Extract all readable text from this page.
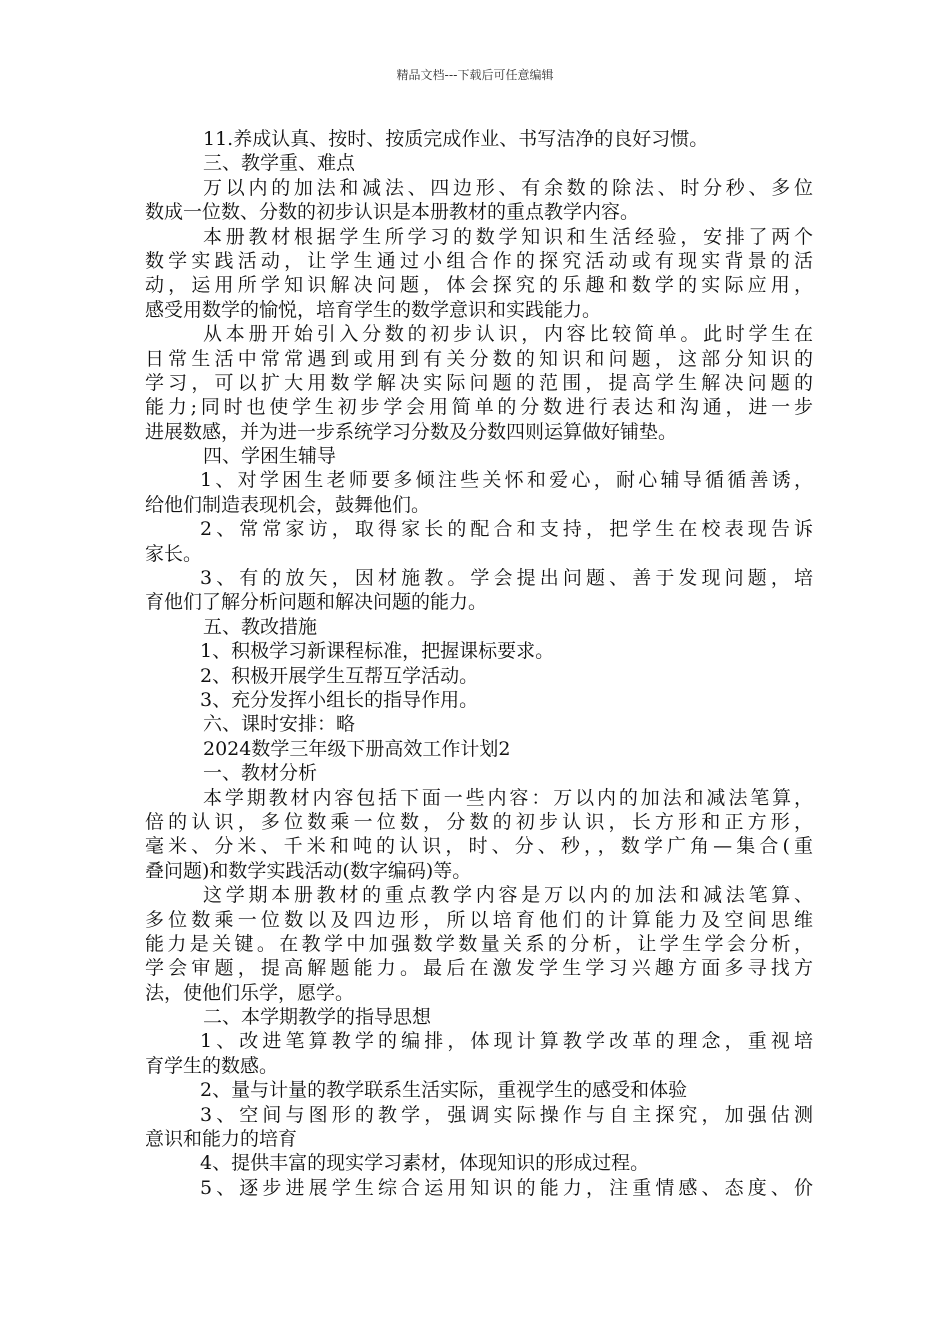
精品文档---下载后可任意编辑
11.养成认真、按时、按质完成作业、书写洁净的良好习惯。
三、教学重、难点
万以内的加法和减法、四边形、有余数的除法、时分秒、多位
数成一位数、分数的初步认识是本册教材的重点教学内容。
本册教材根据学生所学习的数学知识和生活经验，安排了两个
数学实践活动，让学生通过小组合作的探究活动或有现实背景的活
动，运用所学知识解决问题，体会探究的乐趣和数学的实际应用，
感受用数学的愉悦，培育学生的数学意识和实践能力。
从本册开始引入分数的初步认识，内容比较简单。此时学生在
日常生活中常常遇到或用到有关分数的知识和问题，这部分知识的
学习，可以扩大用数学解决实际问题的范围，提高学生解决问题的
能力;同时也使学生初步学会用简单的分数进行表达和沟通，进一步
进展数感，并为进一步系统学习分数及分数四则运算做好铺垫。
四、学困生辅导
1、对学困生老师要多倾注些关怀和爱心，耐心辅导循循善诱，
给他们制造表现机会，鼓舞他们。
2、常常家访，取得家长的配合和支持，把学生在校表现告诉
家长。
3、有的放矢，因材施教。学会提出问题、善于发现问题，培
育他们了解分析问题和解决问题的能力。
五、教改措施
1、积极学习新课程标准，把握课标要求。
2、积极开展学生互帮互学活动。
3、充分发挥小组长的指导作用。
六、课时安排：略
2024数学三年级下册高效工作计划2
一、教材分析
本学期教材内容包括下面一些内容：万以内的加法和减法笔算，
倍的认识，多位数乘一位数，分数的初步认识，长方形和正方形，
毫米、分米、千米和吨的认识，时、分、秒，，数学广角—集合(重
叠问题)和数学实践活动(数字编码)等。
这学期本册教材的重点教学内容是万以内的加法和减法笔算、
多位数乘一位数以及四边形，所以培育他们的计算能力及空间思维
能力是关键。在教学中加强数学数量关系的分析，让学生学会分析，
学会审题，提高解题能力。最后在激发学生学习兴趣方面多寻找方
法，使他们乐学，愿学。
二、本学期教学的指导思想
1、改进笔算教学的编排，体现计算教学改革的理念，重视培
育学生的数感。
2、量与计量的教学联系生活实际，重视学生的感受和体验
3、空间与图形的教学，强调实际操作与自主探究，加强估测
意识和能力的培育
4、提供丰富的现实学习素材，体现知识的形成过程。
5、逐步进展学生综合运用知识的能力，注重情感、态度、价
